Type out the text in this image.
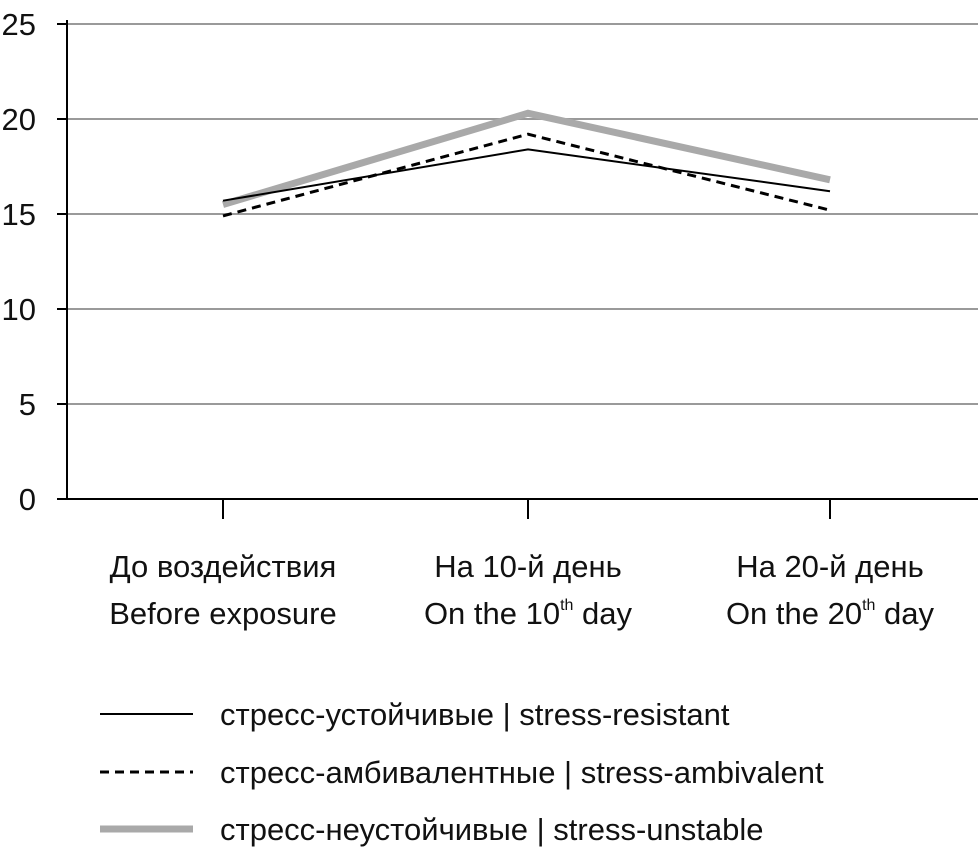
0
5
10
15
20
25
До воздействия
Before exposure
На 10-й день
On the 10th day
На 20-й день
On the 20th day
стресс-устойчивые | stress-resistant
стресс-амбивалентные | stress-ambivalent
стресс-неустойчивые | stress-unstable
